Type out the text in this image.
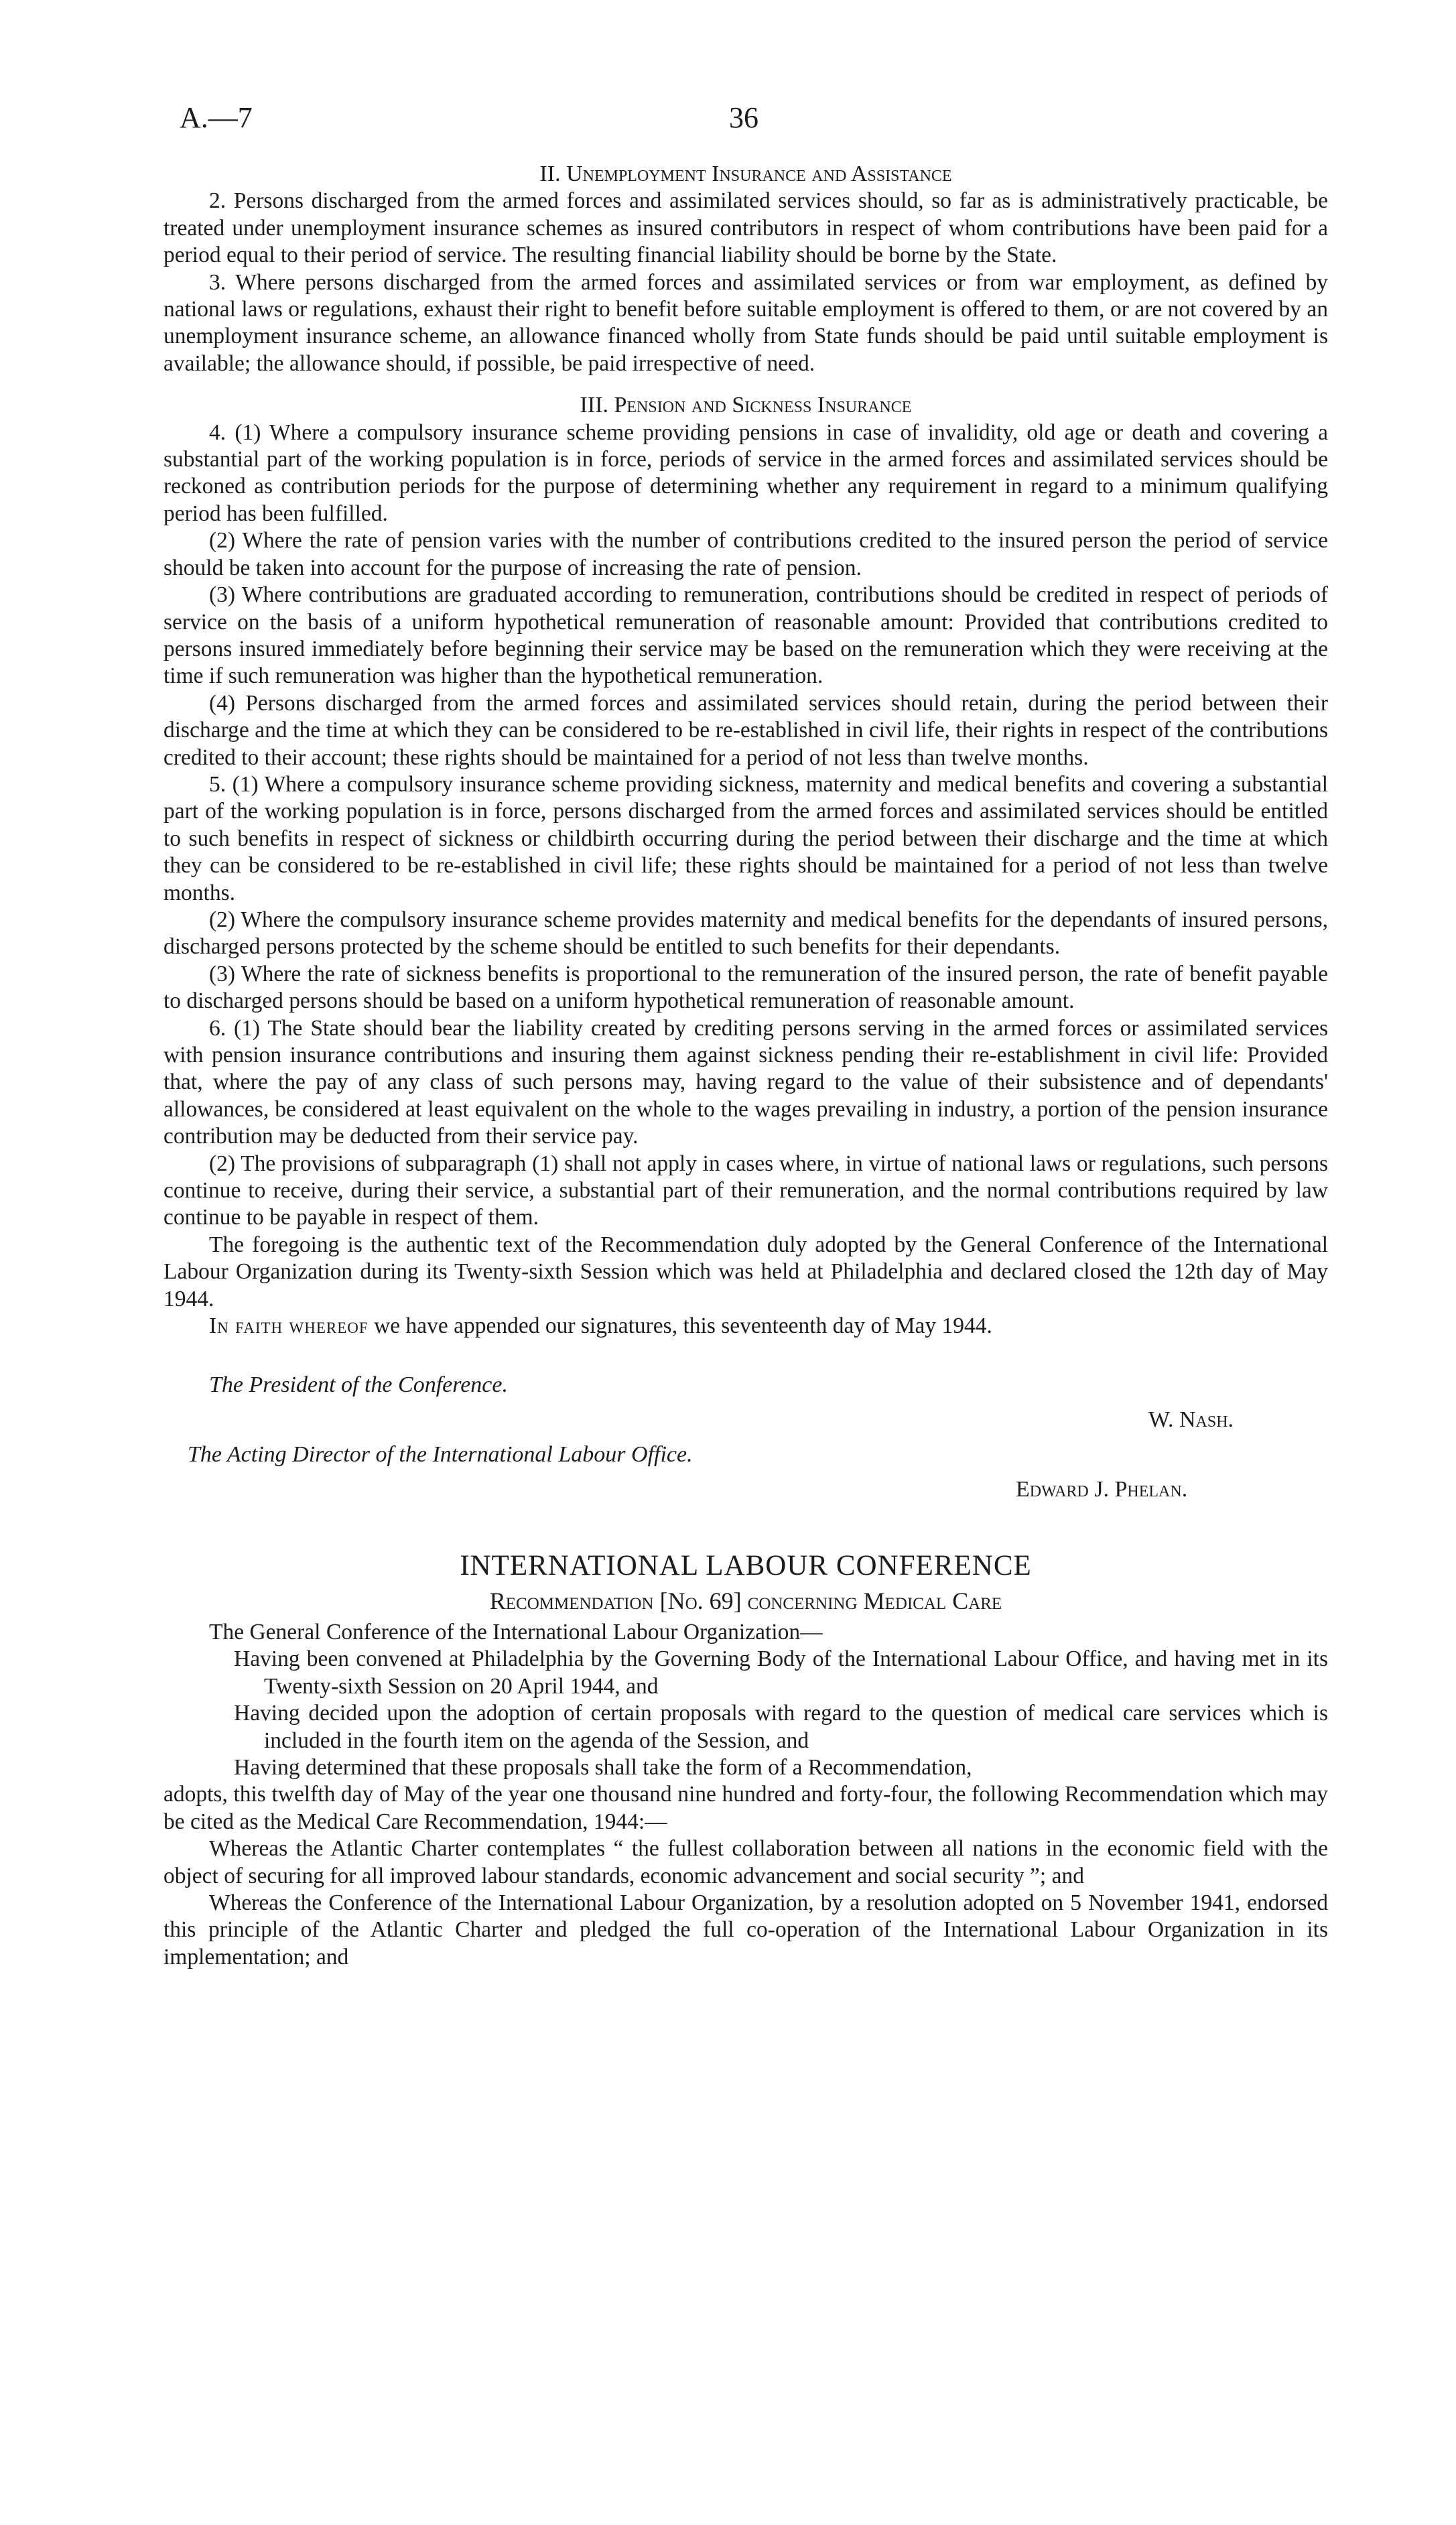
A.—7	36

II. Unemployment Insurance and Assistance

2. Persons discharged from the armed forces and assimilated services should, so far as is administratively practicable, be treated under unemployment insurance schemes as insured contributors in respect of whom contributions have been paid for a period equal to their period of service. The resulting financial liability should be borne by the State.

3. Where persons discharged from the armed forces and assimilated services or from war employment, as defined by national laws or regulations, exhaust their right to benefit before suitable employment is offered to them, or are not covered by an unemployment insurance scheme, an allowance financed wholly from State funds should be paid until suitable employment is available; the allowance should, if possible, be paid irrespective of need.

III. Pension and Sickness Insurance

4. (1) Where a compulsory insurance scheme providing pensions in case of invalidity, old age or death and covering a substantial part of the working population is in force, periods of service in the armed forces and assimilated services should be reckoned as contribution periods for the purpose of determining whether any requirement in regard to a minimum qualifying period has been fulfilled.

(2) Where the rate of pension varies with the number of contributions credited to the insured person the period of service should be taken into account for the purpose of increasing the rate of pension.

(3) Where contributions are graduated according to remuneration, contributions should be credited in respect of periods of service on the basis of a uniform hypothetical remuneration of reasonable amount: Provided that contributions credited to persons insured immediately before beginning their service may be based on the remuneration which they were receiving at the time if such remuneration was higher than the hypothetical remuneration.

(4) Persons discharged from the armed forces and assimilated services should retain, during the period between their discharge and the time at which they can be considered to be re-established in civil life, their rights in respect of the contributions credited to their account; these rights should be maintained for a period of not less than twelve months.

5. (1) Where a compulsory insurance scheme providing sickness, maternity and medical benefits and covering a substantial part of the working population is in force, persons discharged from the armed forces and assimilated services should be entitled to such benefits in respect of sickness or childbirth occurring during the period between their discharge and the time at which they can be considered to be re-established in civil life; these rights should be maintained for a period of not less than twelve months.

(2) Where the compulsory insurance scheme provides maternity and medical benefits for the dependants of insured persons, discharged persons protected by the scheme should be entitled to such benefits for their dependants.

(3) Where the rate of sickness benefits is proportional to the remuneration of the insured person, the rate of benefit payable to discharged persons should be based on a uniform hypothetical remuneration of reasonable amount.

6. (1) The State should bear the liability created by crediting persons serving in the armed forces or assimilated services with pension insurance contributions and insuring them against sickness pending their re-establishment in civil life: Provided that, where the pay of any class of such persons may, having regard to the value of their subsistence and of dependants' allowances, be considered at least equivalent on the whole to the wages prevailing in industry, a portion of the pension insurance contribution may be deducted from their service pay.

(2) The provisions of subparagraph (1) shall not apply in cases where, in virtue of national laws or regulations, such persons continue to receive, during their service, a substantial part of their remuneration, and the normal contributions required by law continue to be payable in respect of them.

The foregoing is the authentic text of the Recommendation duly adopted by the General Conference of the International Labour Organization during its Twenty-sixth Session which was held at Philadelphia and declared closed the 12th day of May 1944.

In faith whereof we have appended our signatures, this seventeenth day of May 1944.

The President of the Conference.
W. Nash.
The Acting Director of the International Labour Office.
Edward J. Phelan.

INTERNATIONAL LABOUR CONFERENCE

Recommendation [No. 69] concerning Medical Care

The General Conference of the International Labour Organization—

Having been convened at Philadelphia by the Governing Body of the International Labour Office, and having met in its Twenty-sixth Session on 20 April 1944, and

Having decided upon the adoption of certain proposals with regard to the question of medical care services which is included in the fourth item on the agenda of the Session, and

Having determined that these proposals shall take the form of a Recommendation,

adopts, this twelfth day of May of the year one thousand nine hundred and forty-four, the following Recommendation which may be cited as the Medical Care Recommendation, 1944:—

Whereas the Atlantic Charter contemplates “ the fullest collaboration between all nations in the economic field with the object of securing for all improved labour standards, economic advancement and social security ”; and

Whereas the Conference of the International Labour Organization, by a resolution adopted on 5 November 1941, endorsed this principle of the Atlantic Charter and pledged the full co-operation of the International Labour Organization in its implementation; and
